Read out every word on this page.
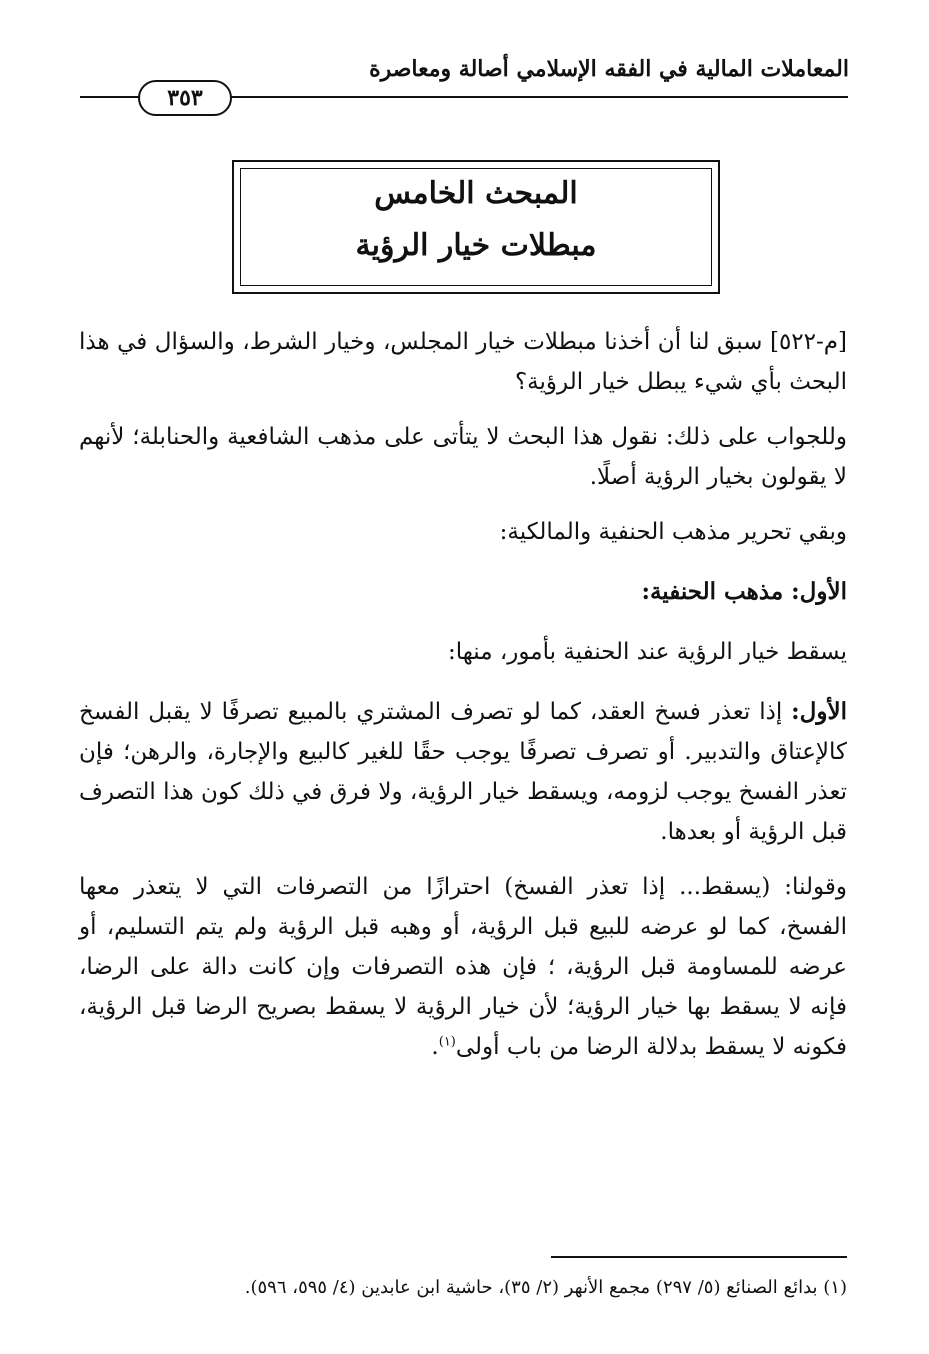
المعاملات المالية في الفقه الإسلامي أصالة ومعاصرة
٣٥٣
المبحث الخامس
مبطلات خيار الرؤية

[م-٥٢٢] سبق لنا أن أخذنا مبطلات خيار المجلس، وخيار الشرط، والسؤال في هذا البحث بأي شيء يبطل خيار الرؤية؟

وللجواب على ذلك: نقول هذا البحث لا يتأتى على مذهب الشافعية والحنابلة؛ لأنهم لا يقولون بخيار الرؤية أصلًا.

وبقي تحرير مذهب الحنفية والمالكية:

الأول: مذهب الحنفية:

يسقط خيار الرؤية عند الحنفية بأمور، منها:

الأول: إذا تعذر فسخ العقد، كما لو تصرف المشتري بالمبيع تصرفًا لا يقبل الفسخ كالإعتاق والتدبير. أو تصرف تصرفًا يوجب حقًا للغير كالبيع والإجارة، والرهن؛ فإن تعذر الفسخ يوجب لزومه، ويسقط خيار الرؤية، ولا فرق في ذلك كون هذا التصرف قبل الرؤية أو بعدها.

وقولنا: (يسقط... إذا تعذر الفسخ) احترازًا من التصرفات التي لا يتعذر معها الفسخ، كما لو عرضه للبيع قبل الرؤية، أو وهبه قبل الرؤية ولم يتم التسليم، أو عرضه للمساومة قبل الرؤية، ؛ فإن هذه التصرفات وإن كانت دالة على الرضا، فإنه لا يسقط بها خيار الرؤية؛ لأن خيار الرؤية لا يسقط بصريح الرضا قبل الرؤية، فكونه لا يسقط بدلالة الرضا من باب أولى$^{(١)}$.

(١) بدائع الصنائع (٥/ ٢٩٧) مجمع الأنهر (٢/ ٣٥)، حاشية ابن عابدين (٤/ ٥٩٥، ٥٩٦).
